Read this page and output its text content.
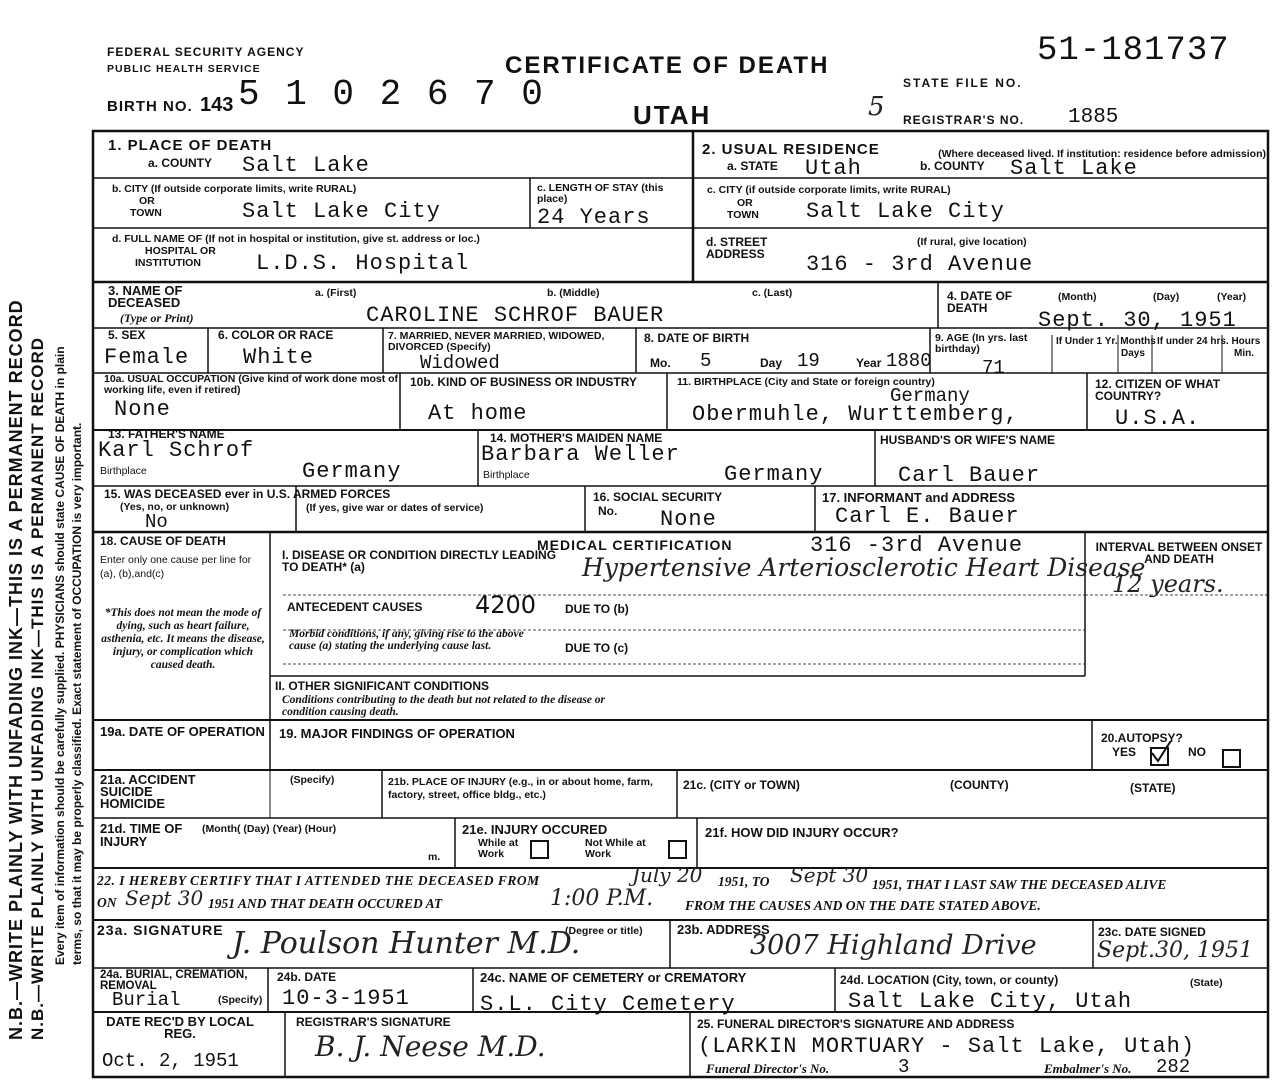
FEDERAL SECURITY AGENCY
PUBLIC HEALTH SERVICE	CERTIFICATE OF DEATH
UTAH
STATE FILE NO.
51-181737
BIRTH NO. 143 5 1 0 2 6 7 0	5 REGISTRAR'S NO. 1885
N.B.—WRITE PLAINLY WITH UNFADING INK—THIS IS A PERMANENT RECORD N.B.—WRITE PLAINLY WITH UNFADING INK—THIS IS A PERMANENT RECORD Every item of information should be carefully supplied. PHYSICIANS should state CAUSE OF DEATH in plain terms, so that it may be properly classified. Exact statement of OCCUPATION is very important.
1. PLACE OF DEATH
a. COUNTY Salt Lake
b. CITY (If outside corporate limits, write RURAL)
OR
TOWN	Salt Lake City
c. LENGTH OF STAY (this place)
24 Years
d. FULL NAME OF (If not in hospital or institution, give st. address or loc.)
HOSPITAL OR
INSTITUTION	L.D.S. Hospital
2. USUAL RESIDENCE	(Where deceased lived. If institution: residence before admission)
a. STATE Utah	b. COUNTY Salt Lake
c. CITY (if outside corporate limits, write RURAL)
OR
TOWN Salt Lake City
d. STREET ADDRESS
(If rural, give location)
316 - 3rd Avenue
3. NAME OF DECEASED
(Type or Print)
a. (First)	b. (Middle)	c. (Last)
CAROLINE SCHROF BAUER
4. DATE OF DEATH
(Month)	(Day)	(Year)
Sept. 30, 1951
5. SEX
Female
6. COLOR OR RACE
White
7. MARRIED, NEVER MARRIED, WIDOWED, DIVORCED (Specify)
Widowed
8. DATE OF BIRTH
Mo. 5	Day 19	Year 1880
9. AGE (In yrs. last birthday)
71
If Under 1 Yr. Months
Days
If under 24 hrs. Hours
Min.
10a. USUAL OCCUPATION (Give kind of work done most of working life, even if retired)
None
10b. KIND OF BUSINESS OR INDUSTRY
At home
11. BIRTHPLACE (City and State or foreign country)
Germany
Obermuhle, Wurttemberg,
12. CITIZEN OF WHAT COUNTRY?
U.S.A.
13. FATHER'S NAME
Karl Schrof
Birthplace	Germany
14. MOTHER'S MAIDEN NAME
Barbara Weller
Birthplace	Germany
HUSBAND'S OR WIFE'S NAME
Carl Bauer
15. WAS DECEASED ever in U.S. ARMED FORCES
(Yes, no, or unknown)	(If yes, give war or dates of service)
No
16. SOCIAL SECURITY
No. None
17. INFORMANT and ADDRESS
Carl E. Bauer
316 -3rd Avenue
MEDICAL CERTIFICATION
18. CAUSE OF DEATH
Enter only one cause per line for (a), (b),and(c)
*This does not mean the mode of dying, such as heart failure, asthenia, etc. It means the disease, injury, or complication which caused death.
I. DISEASE OR CONDITION DIRECTLY LEADING TO DEATH* (a)	Hypertensive Arteriosclerotic Heart Disease
ANTECEDENT CAUSES 4200 DUE TO (b)
Morbid conditions, if any, giving rise to the above cause (a) stating the underlying cause last.	DUE TO (c)
II. OTHER SIGNIFICANT CONDITIONS
Conditions contributing to the death but not related to the disease or condition causing death.
INTERVAL BETWEEN ONSET AND DEATH
12 years.
19a. DATE OF OPERATION 19. MAJOR FINDINGS OF OPERATION	20.AUTOPSY?
YES	NO
21a. ACCIDENT SUICIDE HOMICIDE
(Specify)	21b. PLACE OF INJURY (e.g., in or about home, farm, factory, street, office bldg., etc.)
21c. (CITY or TOWN)	(COUNTY)	(STATE)
21d. TIME OF INJURY
(Month( (Day) (Year) (Hour)
m.
21e. INJURY OCCURED
While at Work
Not While at Work
21f. HOW DID INJURY OCCUR?
22. I HEREBY CERTIFY THAT I ATTENDED THE DECEASED FROM	July 20 1951, TO Sept 30 1951, THAT I LAST SAW THE DECEASED ALIVE
ON Sept 30 1951 AND THAT DEATH OCCURED AT	1:00 P.M. FROM THE CAUSES AND ON THE DATE STATED ABOVE.
23a. SIGNATURE	(Degree or title)
J. Poulson Hunter M.D.	23b. ADDRESS
3007 Highland Drive	23c. DATE SIGNED
Sept.30, 1951
24a. BURIAL, CREMATION, REMOVAL
Burial	(Specify)
24b. DATE
10-3-1951
24c. NAME OF CEMETERY or CREMATORY
S.L. City Cemetery
24d. LOCATION (City, town, or county)	(State)
Salt Lake City, Utah
DATE REC'D BY LOCAL REG.
Oct. 2, 1951
REGISTRAR'S SIGNATURE
B. J. Neese M.D.
25. FUNERAL DIRECTOR'S SIGNATURE AND ADDRESS
(LARKIN MORTUARY - Salt Lake, Utah)
Funeral Director's No.	3	Embalmer's No. 282
